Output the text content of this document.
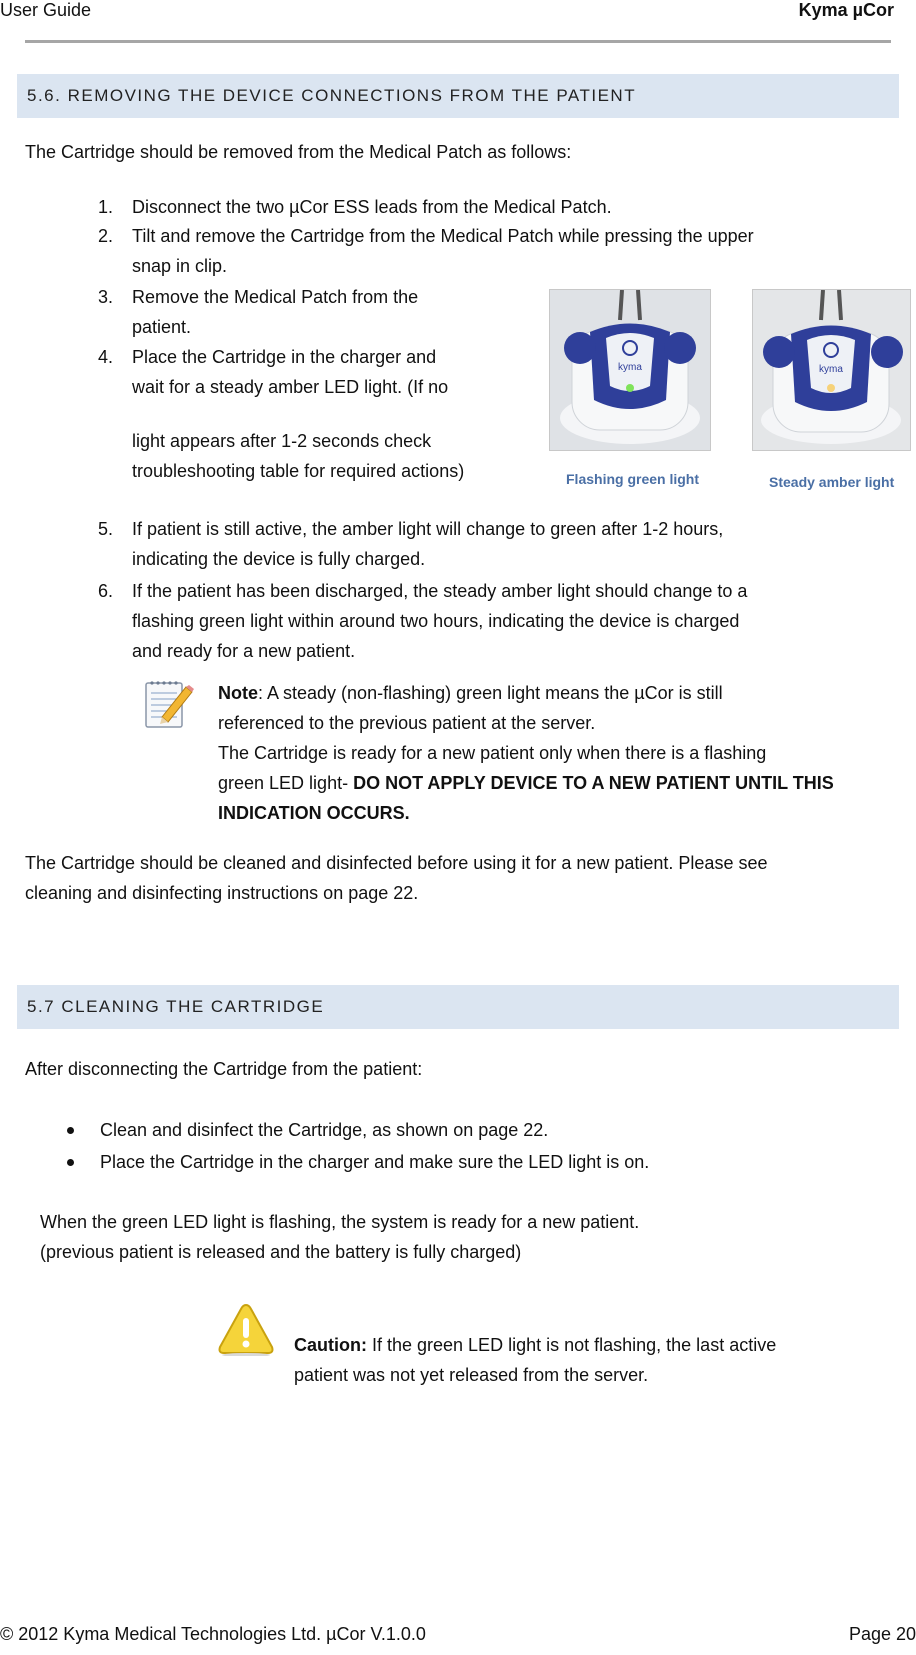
User Guide	Kyma µCor
5.6. REMOVING THE DEVICE CONNECTIONS FROM THE PATIENT
The Cartridge should be removed from the Medical Patch as follows:
1.	Disconnect the two µCor ESS leads from the Medical Patch.
2.	Tilt and remove the Cartridge from the Medical Patch while pressing the upper
snap in clip.
3.	Remove the Medical Patch from the
patient.
4.	Place the Cartridge in the charger and
wait for a steady amber LED light. (If no
light appears after 1-2 seconds check
troubleshooting table for required actions)
kyma
Flashing green light
kyma
Steady amber light
5.	If patient is still active, the amber light will change to green after 1-2 hours,
indicating the device is fully charged.
6.	If the patient has been discharged, the steady amber light should change to a
flashing green light within around two hours, indicating the device is charged
and ready for a new patient.
Note: A steady (non-flashing) green light means the µCor is still
referenced to the previous patient at the server.
The Cartridge is ready for a new patient only when there is a flashing
green LED light- DO NOT APPLY DEVICE TO A NEW PATIENT UNTIL THIS
INDICATION OCCURS.
The Cartridge should be cleaned and disinfected before using it for a new patient. Please see
cleaning and disinfecting instructions on page 22.
5.7 CLEANING THE CARTRIDGE
After disconnecting the Cartridge from the patient:
Clean and disinfect the Cartridge, as shown on page 22.
Place the Cartridge in the charger and make sure the LED light is on.
When the green LED light is flashing, the system is ready for a new patient.
(previous patient is released and the battery is fully charged)
Caution: If the green LED light is not flashing, the last active
patient was not yet released from the server.
© 2012 Kyma Medical Technologies Ltd. µCor V.1.0.0	Page 20
